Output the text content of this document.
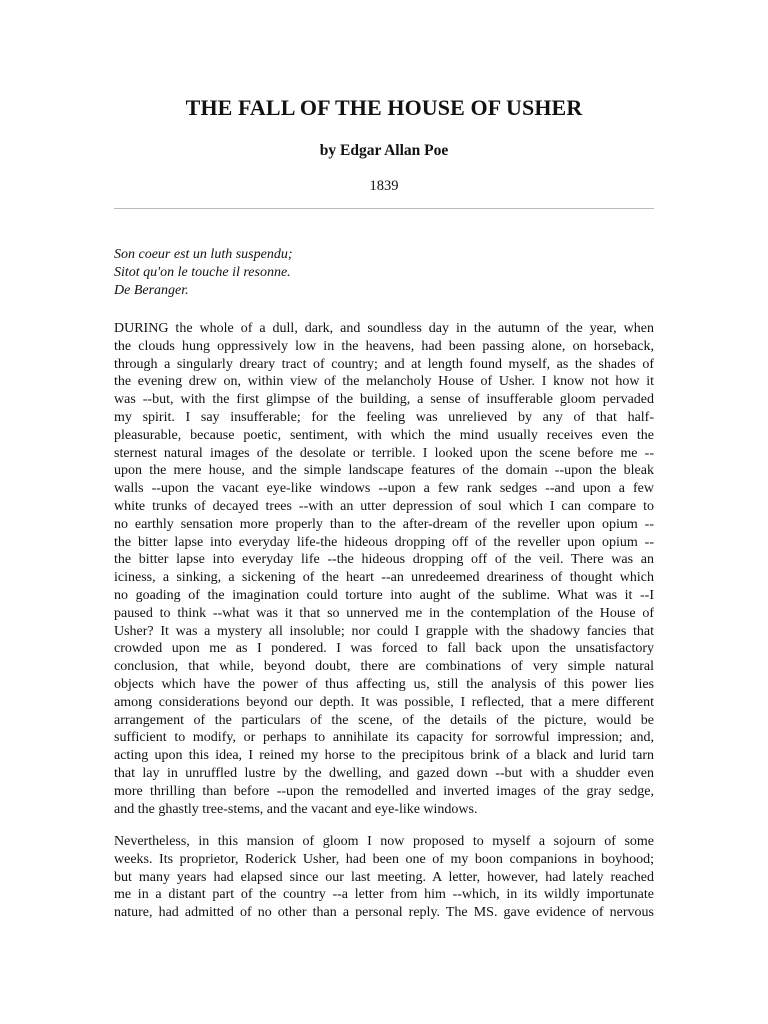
THE FALL OF THE HOUSE OF USHER

by Edgar Allan Poe

1839

Son coeur est un luth suspendu;
Sitot qu'on le touche il resonne.
De Beranger.
DURING the whole of a dull, dark, and soundless day in the autumn of the year, when
the clouds hung oppressively low in the heavens, had been passing alone, on horseback,
through a singularly dreary tract of country; and at length found myself, as the shades of
the evening drew on, within view of the melancholy House of Usher. I know not how it
was --but, with the first glimpse of the building, a sense of insufferable gloom pervaded
my spirit. I say insufferable; for the feeling was unrelieved by any of that half-
pleasurable, because poetic, sentiment, with which the mind usually receives even the
sternest natural images of the desolate or terrible. I looked upon the scene before me --
upon the mere house, and the simple landscape features of the domain --upon the bleak
walls --upon the vacant eye-like windows --upon a few rank sedges --and upon a few
white trunks of decayed trees --with an utter depression of soul which I can compare to
no earthly sensation more properly than to the after-dream of the reveller upon opium --
the bitter lapse into everyday life-the hideous dropping off of the reveller upon opium --
the bitter lapse into everyday life --the hideous dropping off of the veil. There was an
iciness, a sinking, a sickening of the heart --an unredeemed dreariness of thought which
no goading of the imagination could torture into aught of the sublime. What was it --I
paused to think --what was it that so unnerved me in the contemplation of the House of
Usher? It was a mystery all insoluble; nor could I grapple with the shadowy fancies that
crowded upon me as I pondered. I was forced to fall back upon the unsatisfactory
conclusion, that while, beyond doubt, there are combinations of very simple natural
objects which have the power of thus affecting us, still the analysis of this power lies
among considerations beyond our depth. It was possible, I reflected, that a mere different
arrangement of the particulars of the scene, of the details of the picture, would be
sufficient to modify, or perhaps to annihilate its capacity for sorrowful impression; and,
acting upon this idea, I reined my horse to the precipitous brink of a black and lurid tarn
that lay in unruffled lustre by the dwelling, and gazed down --but with a shudder even
more thrilling than before --upon the remodelled and inverted images of the gray sedge,
and the ghastly tree-stems, and the vacant and eye-like windows.
Nevertheless, in this mansion of gloom I now proposed to myself a sojourn of some
weeks. Its proprietor, Roderick Usher, had been one of my boon companions in boyhood;
but many years had elapsed since our last meeting. A letter, however, had lately reached
me in a distant part of the country --a letter from him --which, in its wildly importunate
nature, had admitted of no other than a personal reply. The MS. gave evidence of nervous
